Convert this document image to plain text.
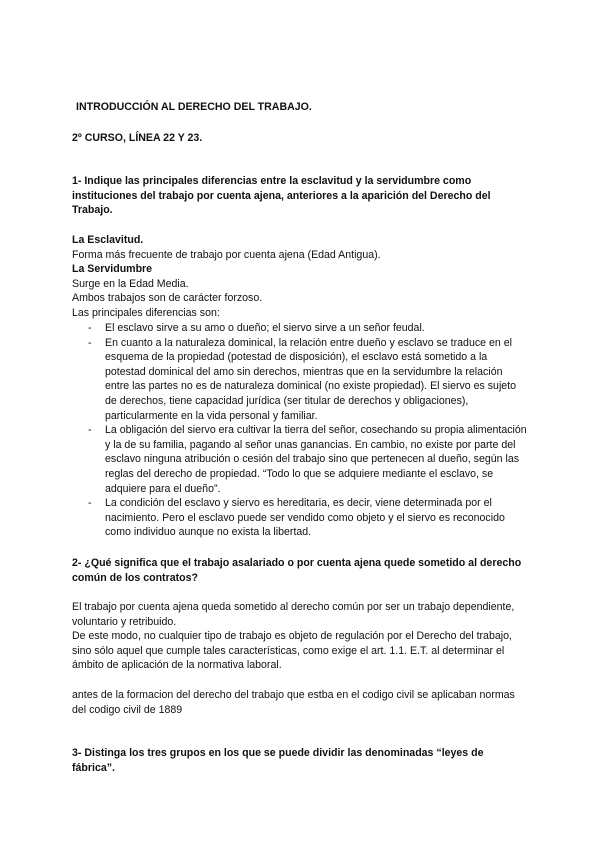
INTRODUCCIÓN AL DERECHO DEL TRABAJO.

2º CURSO, LÍNEA 22 Y 23.

1- Indique las principales diferencias entre la esclavitud y la servidumbre como instituciones del trabajo por cuenta ajena, anteriores a la aparición del Derecho del Trabajo.

La Esclavitud.
Forma más frecuente de trabajo por cuenta ajena (Edad Antigua).
La Servidumbre
Surge en la Edad Media.
Ambos trabajos son de carácter forzoso.
Las principales diferencias son:
- El esclavo sirve a su amo o dueño; el siervo sirve a un señor feudal.
- En cuanto a la naturaleza dominical, la relación entre dueño y esclavo se traduce en el esquema de la propiedad (potestad de disposición), el esclavo está sometido a la potestad dominical del amo sin derechos, mientras que en la servidumbre la relación entre las partes no es de naturaleza dominical (no existe propiedad). El siervo es sujeto de derechos, tiene capacidad jurídica (ser titular de derechos y obligaciones), particularmente en la vida personal y familiar.
- La obligación del siervo era cultivar la tierra del señor, cosechando su propia alimentación y la de su familia, pagando al señor unas ganancias. En cambio, no existe por parte del esclavo ninguna atribución o cesión del trabajo sino que pertenecen al dueño, según las reglas del derecho de propiedad. “Todo lo que se adquiere mediante el esclavo, se adquiere para el dueño”.
- La condición del esclavo y siervo es hereditaria, es decir, viene determinada por el nacimiento. Pero el esclavo puede ser vendido como objeto y el siervo es reconocido como individuo aunque no exista la libertad.

2- ¿Qué significa que el trabajo asalariado o por cuenta ajena quede sometido al derecho común de los contratos?

El trabajo por cuenta ajena queda sometido al derecho común por ser un trabajo dependiente, voluntario y retribuido.

De este modo, no cualquier tipo de trabajo es objeto de regulación por el Derecho del trabajo, sino sólo aquel que cumple tales características, como exige el art. 1.1. E.T. al determinar el ámbito de aplicación de la normativa laboral.

antes de la formacion del derecho del trabajo que estba en el codigo civil se aplicaban normas del codigo civil de 1889

3- Distinga los tres grupos en los que se puede dividir las denominadas “leyes de fábrica”.
